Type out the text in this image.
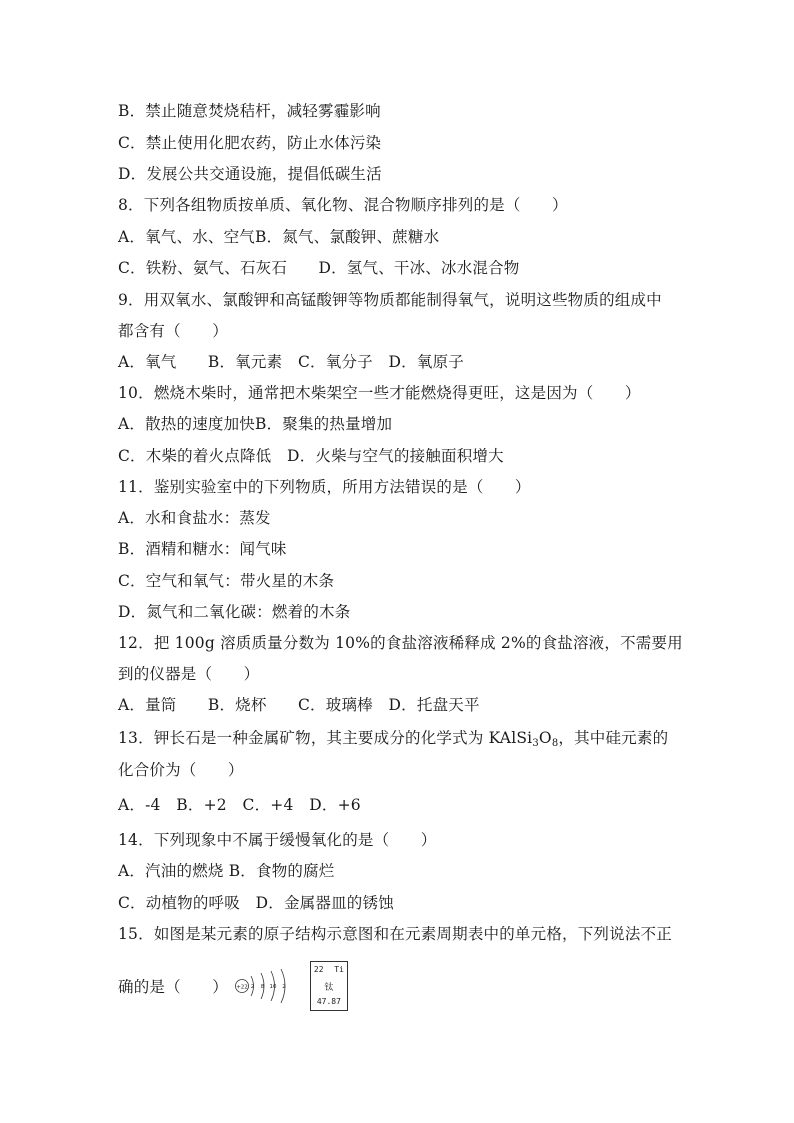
B．禁止随意焚烧秸杆，减轻雾霾影响
C．禁止使用化肥农药，防止水体污染
D．发展公共交通设施，提倡低碳生活
8．下列各组物质按单质、氧化物、混合物顺序排列的是（　　）
A．氧气、水、空气B．氮气、氯酸钾、蔗糖水
C．铁粉、氨气、石灰石　　D．氢气、干冰、冰水混合物
9．用双氧水、氯酸钾和高锰酸钾等物质都能制得氧气，说明这些物质的组成中
都含有（　　）
A．氧气　　B．氧元素　C．氧分子　D．氧原子
10．燃烧木柴时，通常把木柴架空一些才能燃烧得更旺，这是因为（　　）
A．散热的速度加快B．聚集的热量增加
C．木柴的着火点降低　D．火柴与空气的接触面积增大
11．鉴别实验室中的下列物质，所用方法错误的是（　　）
A．水和食盐水：蒸发
B．酒精和糖水：闻气味
C．空气和氧气：带火星的木条
D．氮气和二氧化碳：燃着的木条
12．把 100g 溶质质量分数为 10%的食盐溶液稀释成 2%的食盐溶液，不需要用
到的仪器是（　　）
A．量筒　　B．烧杯　　C．玻璃棒　D．托盘天平
13．钾长石是一种金属矿物，其主要成分的化学式为 $KAlSi_3O_8$，其中硅元素的
化合价为（　　）
A．-4　B．+2　C．+4　D．+6
14．下列现象中不属于缓慢氧化的是（　　）
A．汽油的燃烧 B．食物的腐烂
C．动植物的呼吸　D．金属器皿的锈蚀
15．如图是某元素的原子结构示意图和在元素周期表中的单元格，下列说法不正
确的是（　　） +22 2 8 10 2
22 Ti
钛
47.87
